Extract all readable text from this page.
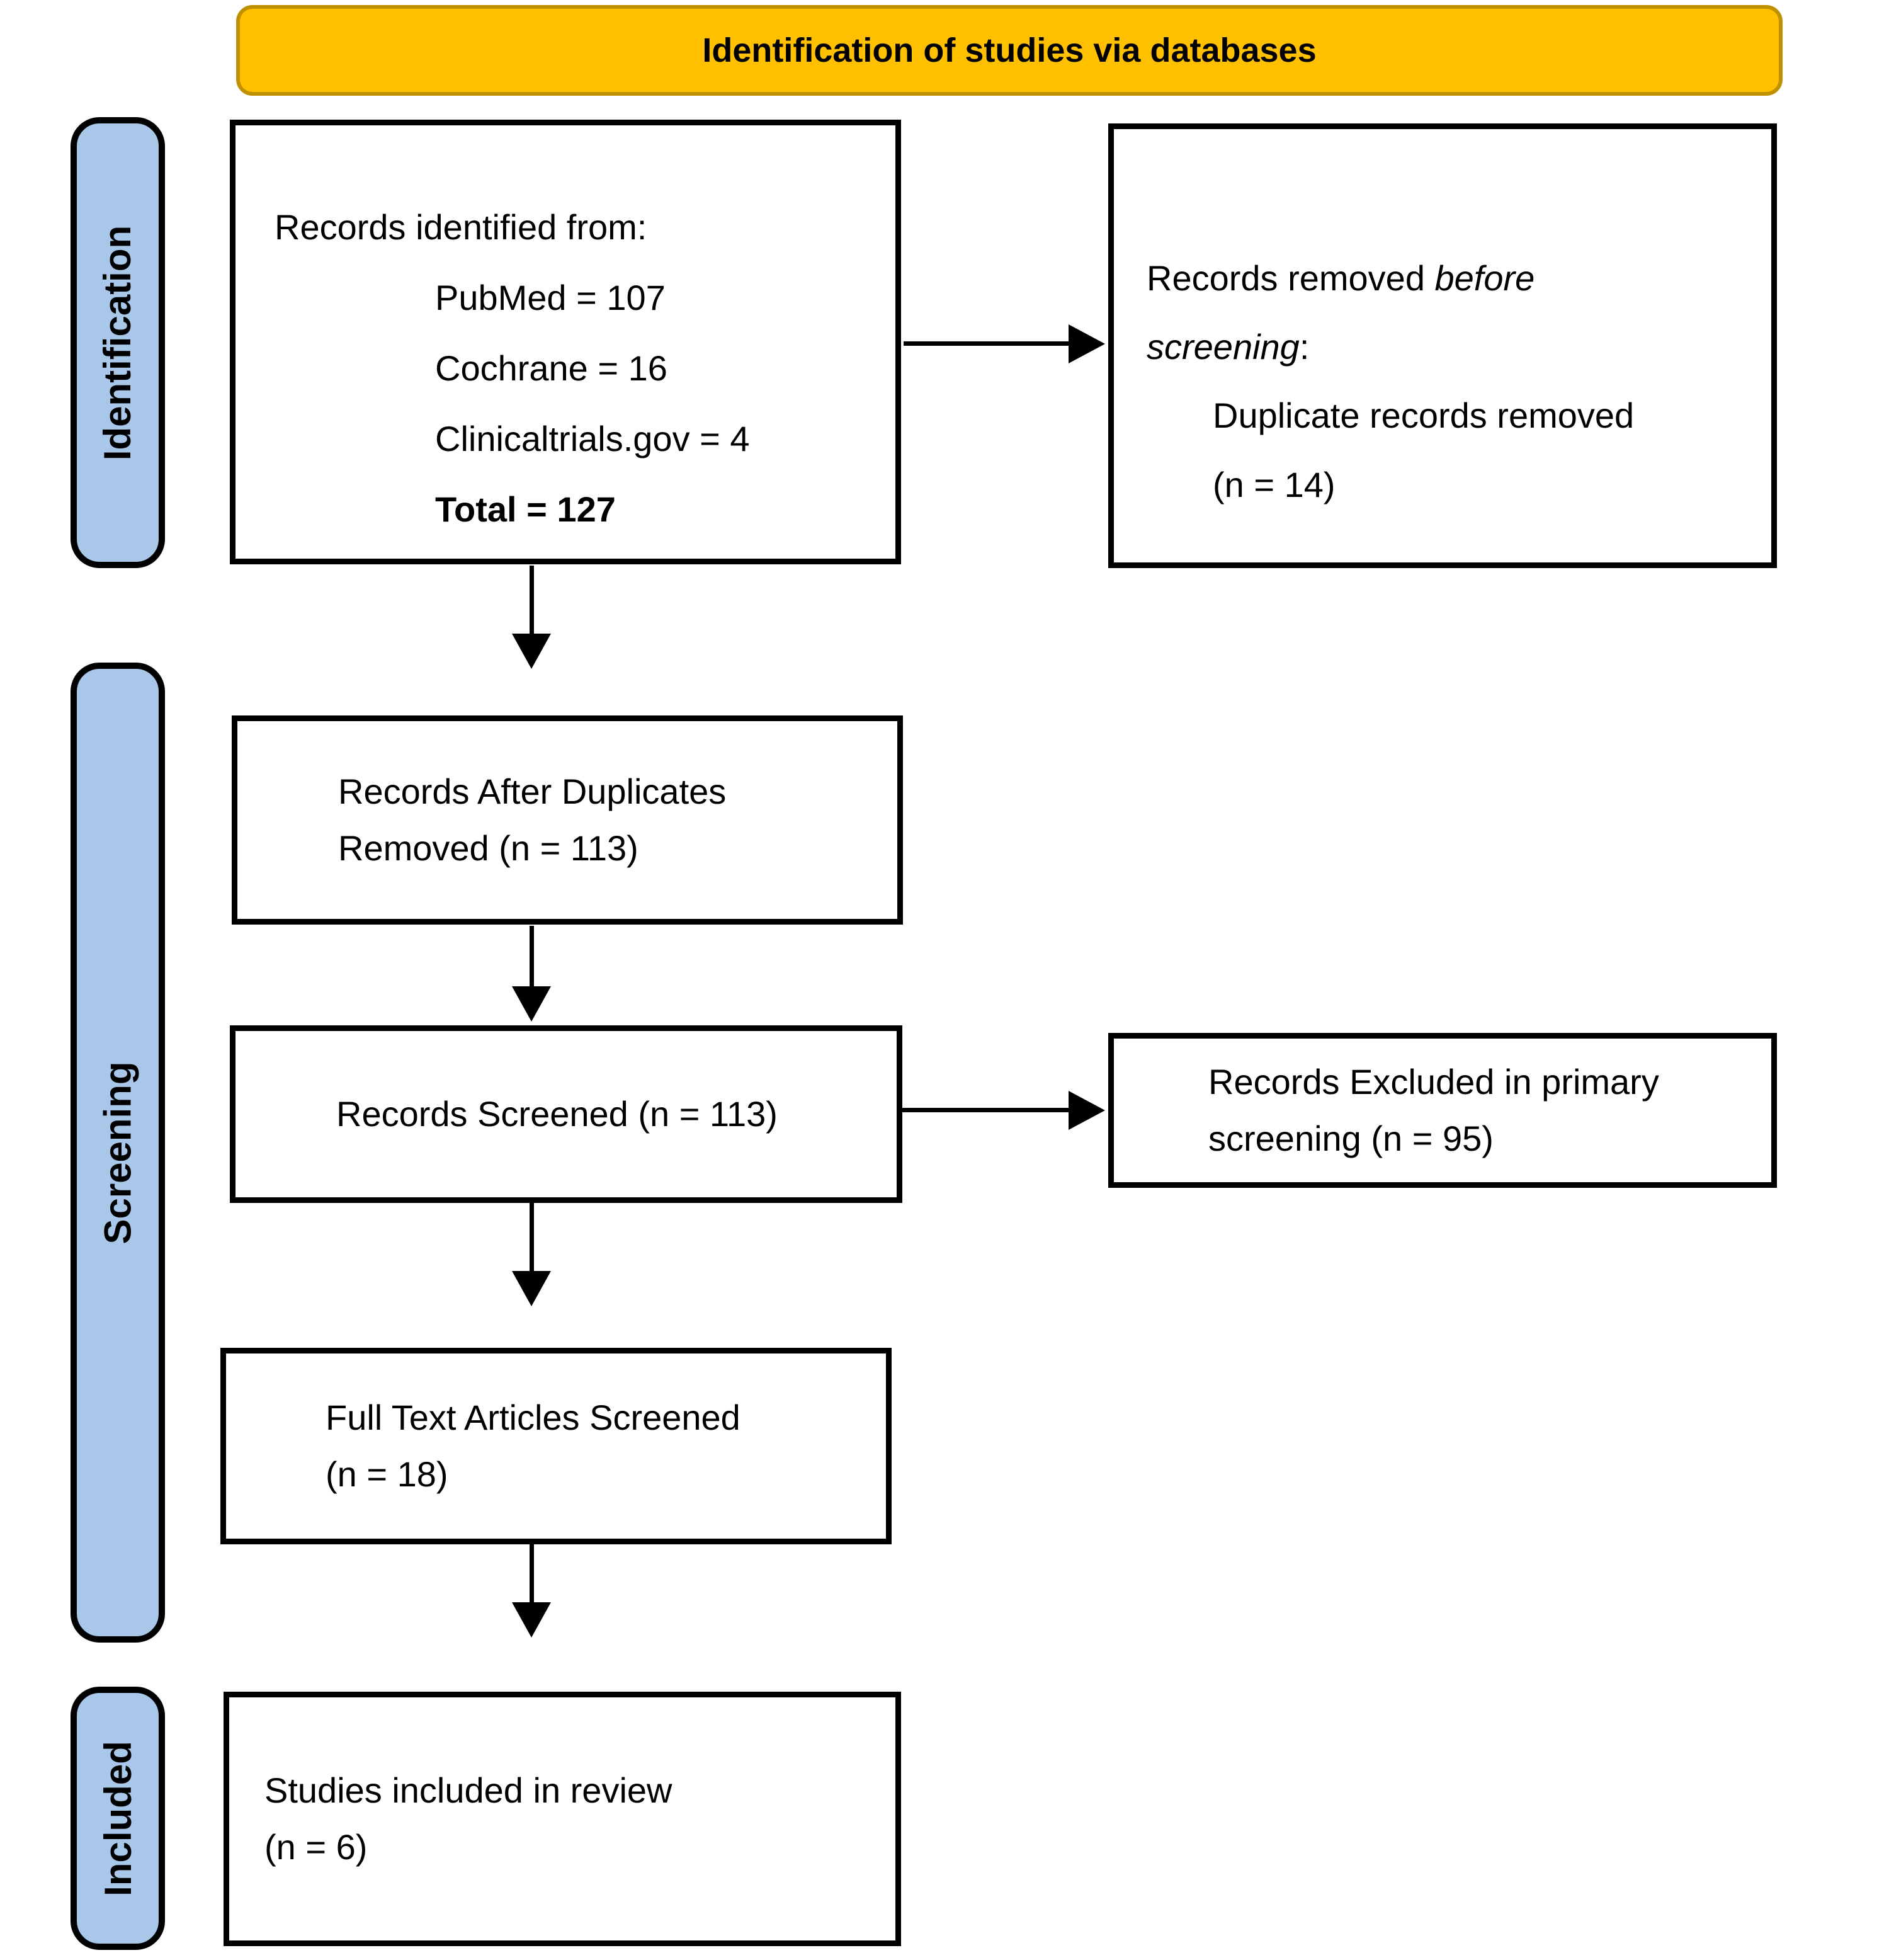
Identification of studies via databases
Identification
Screening
Included
Records identified from:
PubMed = 107
Cochrane = 16
Clinicaltrials.gov = 4
Total = 127
Records removed before screening:
Duplicate records removed
(n = 14)
Records After Duplicates
Removed (n = 113)
Records Screened (n = 113)
Records Excluded in primary
screening (n = 95)
Full Text Articles Screened
(n = 18)
Studies included in review
(n = 6)
